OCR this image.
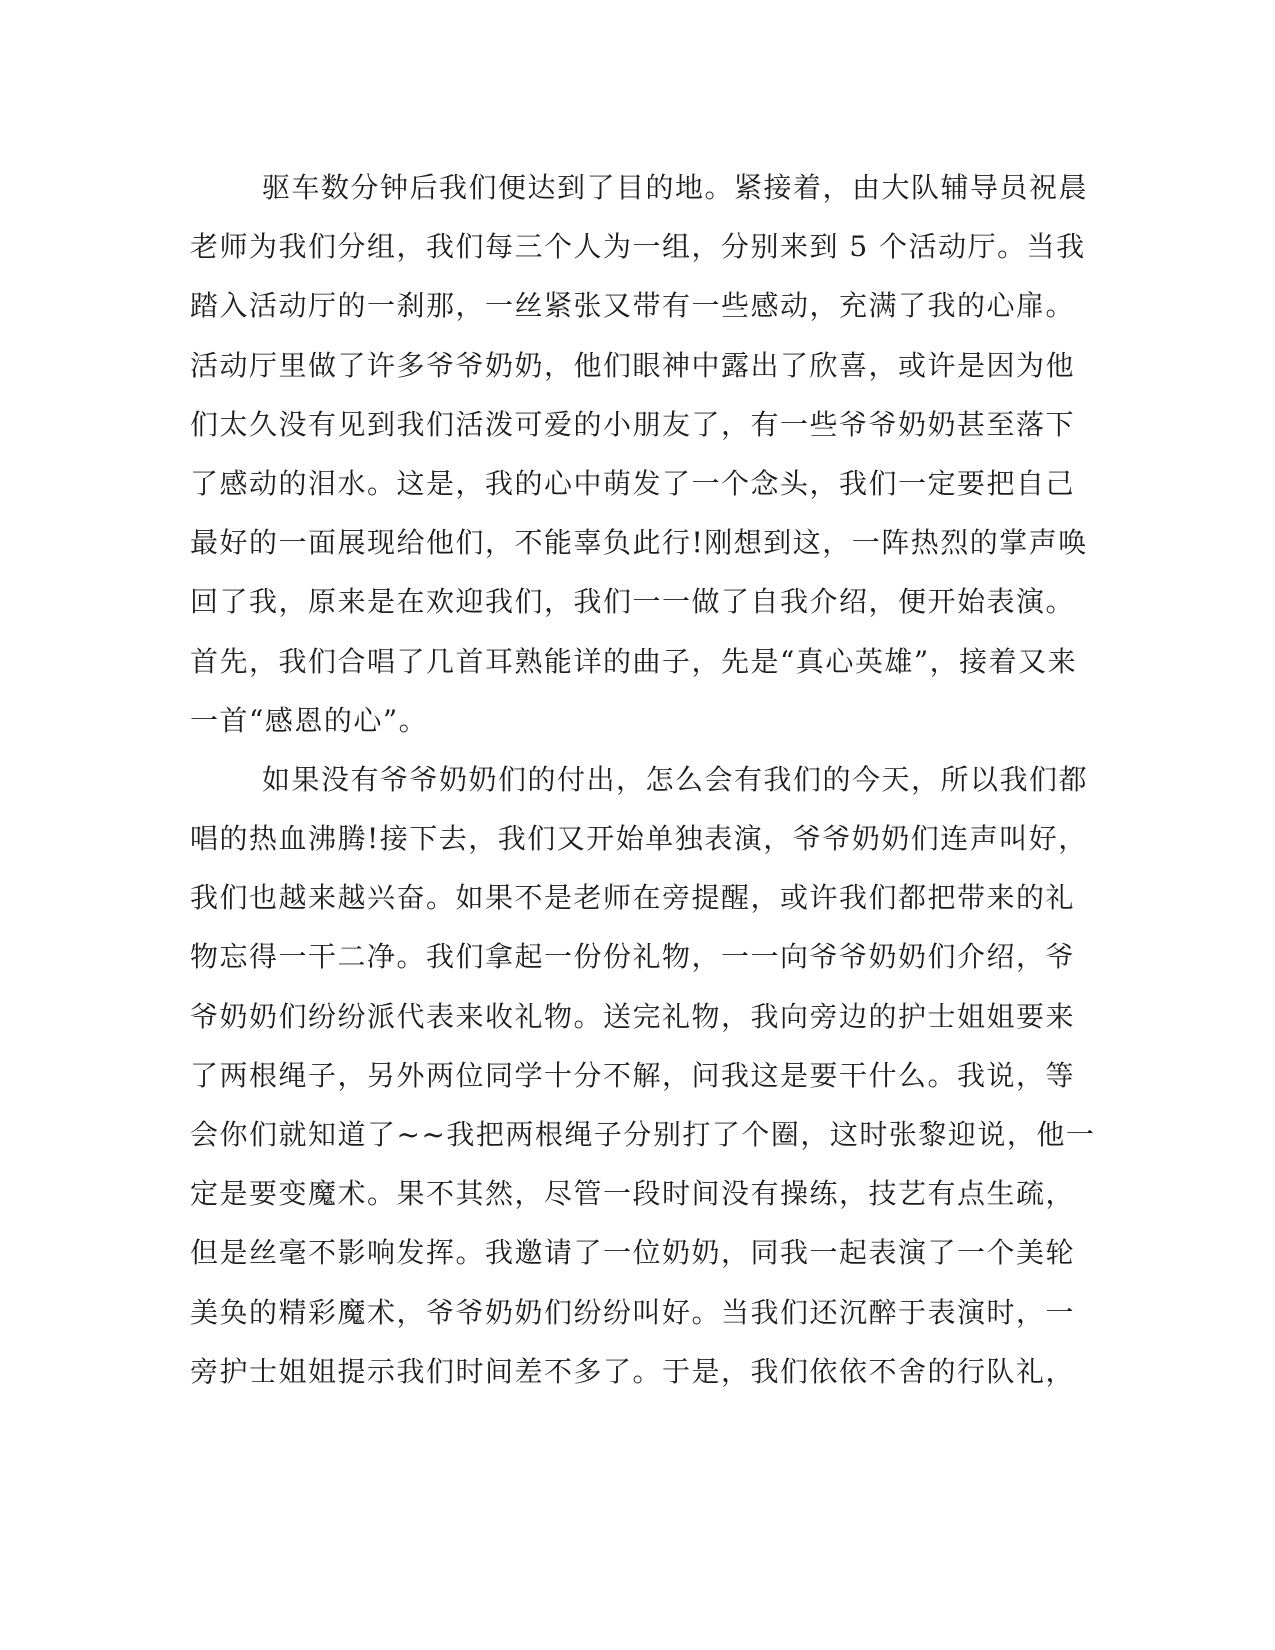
驱车数分钟后我们便达到了目的地。紧接着，由大队辅导员祝晨
老师为我们分组，我们每三个人为一组，分别来到 5 个活动厅。当我
踏入活动厅的一刹那，一丝紧张又带有一些感动，充满了我的心扉。
活动厅里做了许多爷爷奶奶，他们眼神中露出了欣喜，或许是因为他
们太久没有见到我们活泼可爱的小朋友了，有一些爷爷奶奶甚至落下
了感动的泪水。这是，我的心中萌发了一个念头，我们一定要把自己
最好的一面展现给他们，不能辜负此行!刚想到这，一阵热烈的掌声唤
回了我，原来是在欢迎我们，我们一一做了自我介绍，便开始表演。
首先，我们合唱了几首耳熟能详的曲子，先是“真心英雄”，接着又来
一首“感恩的心”。
如果没有爷爷奶奶们的付出，怎么会有我们的今天，所以我们都
唱的热血沸腾!接下去，我们又开始单独表演，爷爷奶奶们连声叫好，
我们也越来越兴奋。如果不是老师在旁提醒，或许我们都把带来的礼
物忘得一干二净。我们拿起一份份礼物，一一向爷爷奶奶们介绍，爷
爷奶奶们纷纷派代表来收礼物。送完礼物，我向旁边的护士姐姐要来
了两根绳子，另外两位同学十分不解，问我这是要干什么。我说，等
会你们就知道了~~我把两根绳子分别打了个圈，这时张黎迎说，他一
定是要变魔术。果不其然，尽管一段时间没有操练，技艺有点生疏，
但是丝毫不影响发挥。我邀请了一位奶奶，同我一起表演了一个美轮
美奂的精彩魔术，爷爷奶奶们纷纷叫好。当我们还沉醉于表演时，一
旁护士姐姐提示我们时间差不多了。于是，我们依依不舍的行队礼，
